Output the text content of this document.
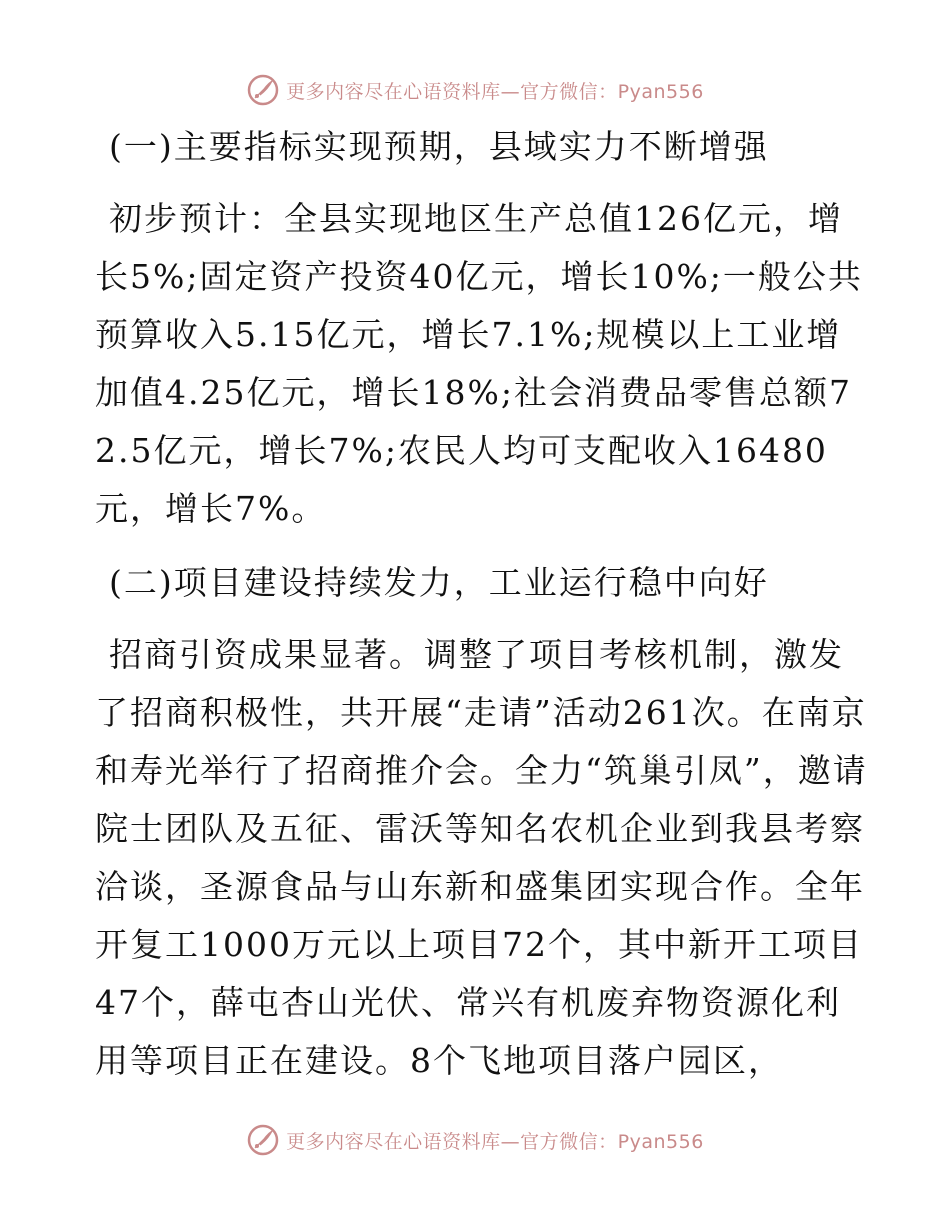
更多内容尽在心语资料库—官方微信：Pyan556
(一)主要指标实现预期，县域实力不断增强

初步预计：全县实现地区生产总值126亿元，增长5%;固定资产投资40亿元，增长10%;一般公共预算收入5.15亿元，增长7.1%;规模以上工业增加值4.25亿元，增长18%;社会消费品零售总额72.5亿元，增长7%;农民人均可支配收入16480元，增长7%。

(二)项目建设持续发力，工业运行稳中向好

招商引资成果显著。调整了项目考核机制，激发了招商积极性，共开展“走请”活动261次。在南京和寿光举行了招商推介会。全力“筑巢引凤”，邀请院士团队及五征、雷沃等知名农机企业到我县考察洽谈，圣源食品与山东新和盛集团实现合作。全年开复工1000万元以上项目72个，其中新开工项目47个，薛屯杏山光伏、常兴有机废弃物资源化利用等项目正在建设。8个飞地项目落户园区，

更多内容尽在心语资料库—官方微信：Pyan556
